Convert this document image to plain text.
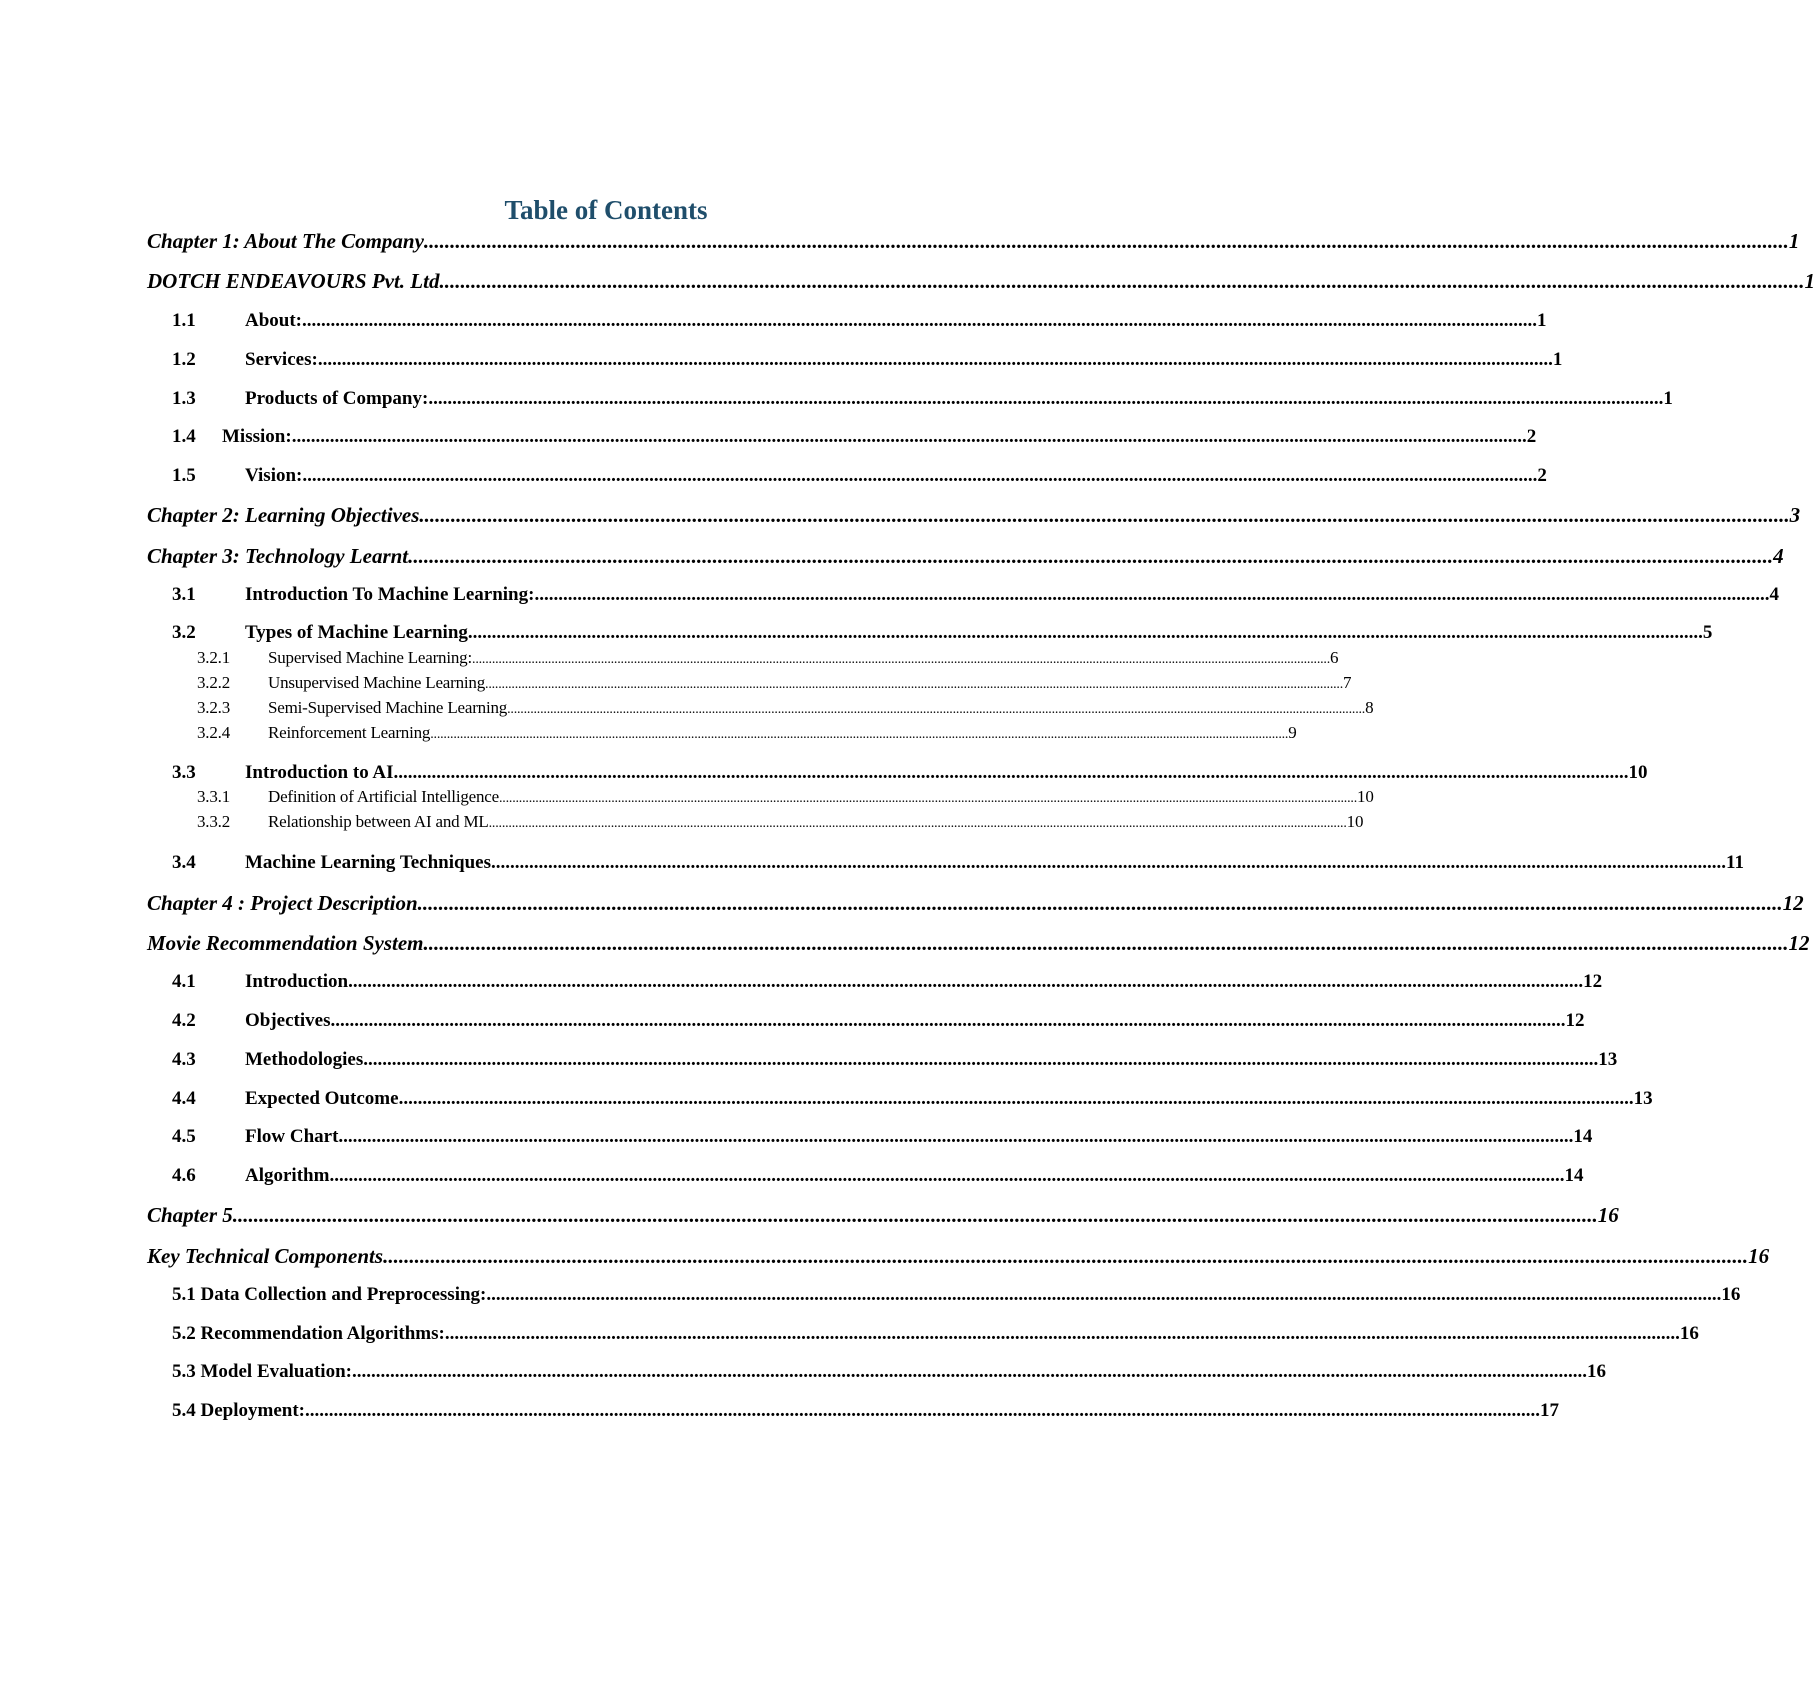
Table of Contents
Chapter 1: About The Company .................................................................................................................................................................................................................................................................... 1
DOTCH ENDEAVOURS Pvt. Ltd .................................................................................................................................................................................................................................................................... 1
1.1	About: .................................................................................................................................................................................................................................................................... 1
1.2	Services: .................................................................................................................................................................................................................................................................... 1
1.3	Products of Company: .................................................................................................................................................................................................................................................................... 1
1.4	Mission: .................................................................................................................................................................................................................................................................... 2
1.5	Vision: .................................................................................................................................................................................................................................................................... 2
Chapter 2: Learning Objectives. .................................................................................................................................................................................................................................................................... 3
Chapter 3: Technology Learnt .................................................................................................................................................................................................................................................................... 4
3.1	Introduction To Machine Learning: .................................................................................................................................................................................................................................................................... 4
3.2	Types of Machine Learning .................................................................................................................................................................................................................................................................... 5
3.2.1	Supervised Machine Learning: .................................................................................................................................................................................................................................................................... 6
3.2.2	Unsupervised Machine Learning .................................................................................................................................................................................................................................................................... 7
3.2.3	Semi-Supervised Machine Learning .................................................................................................................................................................................................................................................................... 8
3.2.4	Reinforcement Learning .................................................................................................................................................................................................................................................................... 9
3.3	Introduction to AI .................................................................................................................................................................................................................................................................... 10
3.3.1	Definition of Artificial Intelligence .................................................................................................................................................................................................................................................................... 10
3.3.2	Relationship between AI and ML .................................................................................................................................................................................................................................................................... 10
3.4	Machine Learning Techniques .................................................................................................................................................................................................................................................................... 11
Chapter 4 : Project Description .................................................................................................................................................................................................................................................................... 12
Movie Recommendation System .................................................................................................................................................................................................................................................................... 12
4.1	Introduction .................................................................................................................................................................................................................................................................... 12
4.2	Objectives .................................................................................................................................................................................................................................................................... 12
4.3	Methodologies .................................................................................................................................................................................................................................................................... 13
4.4	Expected Outcome .................................................................................................................................................................................................................................................................... 13
4.5	Flow Chart .................................................................................................................................................................................................................................................................... 14
4.6	Algorithm .................................................................................................................................................................................................................................................................... 14
Chapter 5 .................................................................................................................................................................................................................................................................... 16
Key Technical Components .................................................................................................................................................................................................................................................................... 16
5.1 Data Collection and Preprocessing: .................................................................................................................................................................................................................................................................... 16
5.2 Recommendation Algorithms: .................................................................................................................................................................................................................................................................... 16
5.3 Model Evaluation: .................................................................................................................................................................................................................................................................... 16
5.4 Deployment: .................................................................................................................................................................................................................................................................... 17
